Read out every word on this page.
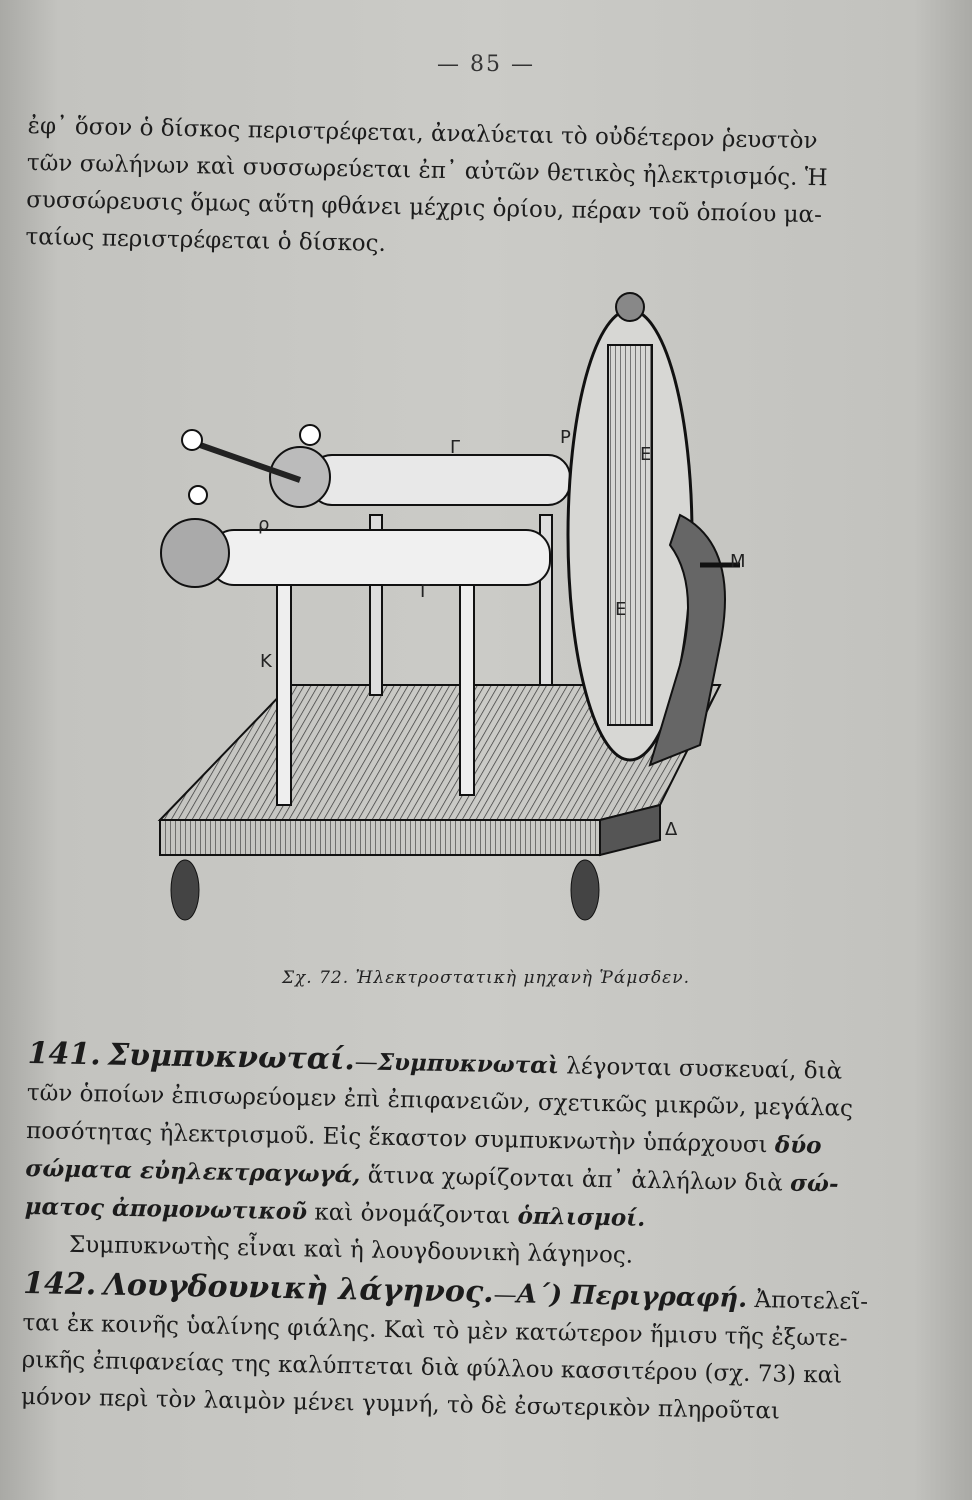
— 85 —
ἐφ᾽ ὅσον ὁ δίσκος περιστρέφεται, ἀναλύεται τὸ οὐδέτερον ῥευστὸν
τῶν σωλήνων καὶ συσσωρεύεται ἐπ᾽ αὐτῶν θετικὸς ἠλεκτρισμός. Ἡ
συσσώρευσις ὅμως αὕτη φθάνει μέχρις ὁρίου, πέραν τοῦ ὁποίου μα-
ταίως περιστρέφεται ὁ δίσκος.
Γ
Γ
P
ρ
K
M
E
E
Δ
Σχ. 72. Ἠλεκτροστατικὴ μηχανὴ Ῥάμσδεν.
141. Συμπυκνωταί.—Συμπυκνωταὶ λέγονται συσκευαί, διὰ
τῶν ὁποίων ἐπισωρεύομεν ἐπὶ ἐπιφανειῶν, σχετικῶς μικρῶν, μεγάλας
ποσότητας ἠλεκτρισμοῦ. Εἰς ἕκαστον συμπυκνωτὴν ὑπάρχουσι δύο
σώματα εὐηλεκτραγωγά, ἅτινα χωρίζονται ἀπ᾽ ἀλλήλων διὰ σώ-
ματος ἀπομονωτικοῦ καὶ ὀνομάζονται ὁπλισμοί.
Συμπυκνωτὴς εἶναι καὶ ἡ λουγδουνικὴ λάγηνος.
142. Λουγδουνικὴ λάγηνος.—Α΄) Περιγραφή. Ἀποτελεῖ-
ται ἐκ κοινῆς ὑαλίνης φιάλης. Καὶ τὸ μὲν κατώτερον ἥμισυ τῆς ἐξωτε-
ρικῆς ἐπιφανείας της καλύπτεται διὰ φύλλου κασσιτέρου (σχ. 73) καὶ
μόνον περὶ τὸν λαιμὸν μένει γυμνή, τὸ δὲ ἐσωτερικὸν πληροῦται
